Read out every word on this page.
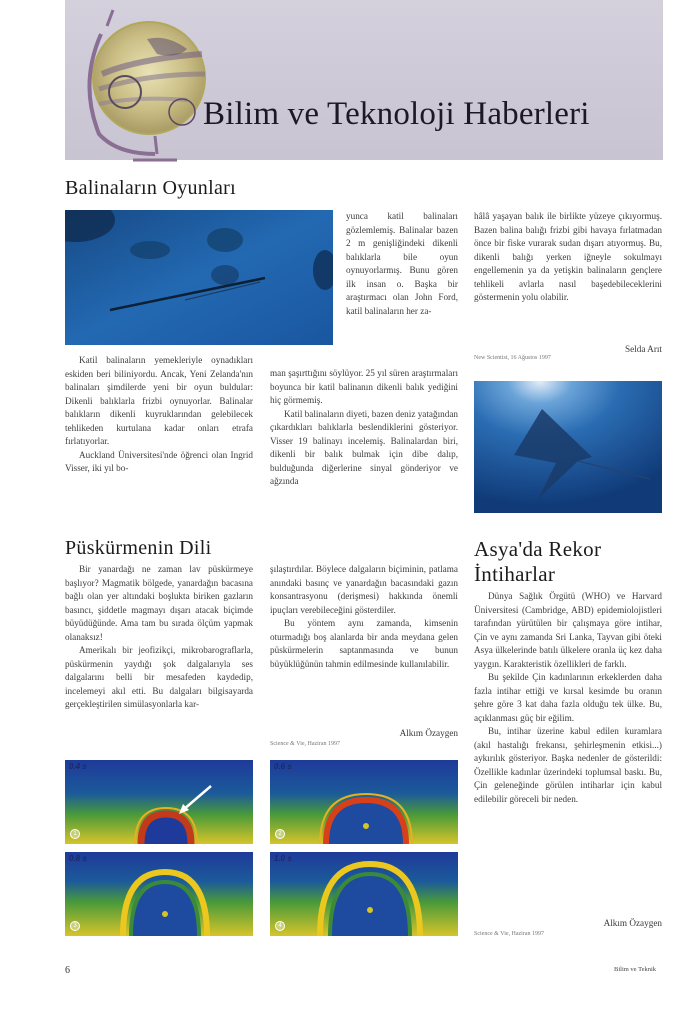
Bilim ve Teknoloji Haberleri
Balinaların Oyunları

Katil balinaların yemekleriyle oynadıkları eskiden beri biliniyordu. Ancak, Yeni Zelanda'nın balinaları şimdilerde yeni bir oyun buldular: Dikenli balıklarla frizbi oynuyorlar. Balinalar balıkların dikenli kuyruklarından gelebilecek tehlikeden kurtulana kadar onları etrafa fırlatıyorlar.

Auckland Üniversitesi'nde öğrenci olan Ingrid Visser, iki yıl bo-

yunca katil balinaları gözlemlemiş. Balinalar bazen 2 m genişliğindeki dikenli balıklarla bile oyun oynuyorlarmış. Bunu gören ilk insan o. Başka bir araştırmacı olan John Ford, katil balinaların her za-

man şaşırttığını söylüyor. 25 yıl süren araştırmaları boyunca bir katil balinanın dikenli balık yediğini hiç görmemiş.

Katil balinaların diyeti, bazen deniz yatağından çıkardıkları balıklarla beslendiklerini gösteriyor. Visser 19 balinayı incelemiş. Balinalardan biri, dikenli bir balık bulmak için dibe dalıp, bulduğunda diğerlerine sinyal gönderiyor ve ağzında

hâlâ yaşayan balık ile birlikte yüzeye çıkıyormuş. Bazen balina balığı frizbi gibi havaya fırlatmadan önce bir fiske vurarak sudan dışarı atıyormuş. Bu, dikenli balığı yerken iğneyle sokulmayı engellemenin ya da yetişkin balinaların gençlere tehlikeli avlarla nasıl başedebileceklerini göstermenin yolu olabilir.

Selda Arıt
New Scientist, 16 Ağustos 1997
Püskürmenin Dili

Bir yanardağı ne zaman lav püskürmeye başlıyor? Magmatik bölgede, yanardağın bacasına bağlı olan yer altındaki boşlukta biriken gazların basıncı, şiddetle magmayı dışarı atacak biçimde büyüdüğünde. Ama tam bu sırada ölçüm yapmak olanaksız!

Amerikalı bir jeofizikçi, mikrobarograflarla, püskürmenin yaydığı şok dalgalarıyla ses dalgalarını belli bir mesafeden kaydedip, incelemeyi akıl etti. Bu dalgaları bilgisayarda gerçekleştirilen simülasyonlarla kar-

şılaştırdılar. Böylece dalgaların biçiminin, patlama anındaki basınç ve yanardağın bacasındaki gazın konsantrasyonu (derişmesi) hakkında önemli ipuçları verebileceğini gösterdiler.

Bu yöntem aynı zamanda, kimsenin oturmadığı boş alanlarda bir anda meydana gelen püskürmelerin saptanmasında ve bunun büyüklüğünün tahmin edilmesinde kullanılabilir.

Alkım Özaygen
Science & Vie, Haziran 1997
0.4 s
1
0.6 s
2
0.8 s
3
1.0 s
4
Asya'da Rekor
İntiharlar

Dünya Sağlık Örgütü (WHO) ve Harvard Üniversitesi (Cambridge, ABD) epidemiolojistleri tarafından yürütülen bir çalışmaya göre intihar, Çin ve aynı zamanda Sri Lanka, Tayvan gibi öteki Asya ülkelerinde batılı ülkelere oranla üç kez daha yaygın. Karakteristik özellikleri de farklı.

Bu şekilde Çin kadınlarının erkeklerden daha fazla intihar ettiği ve kırsal kesimde bu oranın şehre göre 3 kat daha fazla olduğu tek ülke. Bu, açıklanması güç bir eğilim.

Bu, intihar üzerine kabul edilen kuramlara (akıl hastalığı frekansı, şehirleşmenin etkisi...) aykırılık gösteriyor. Başka nedenler de gösterildi: Özellikle kadınlar üzerindeki toplumsal baskı. Bu, Çin geleneğinde görülen intiharlar için kabul edilebilir göreceli bir neden.

Alkım Özaygen
Science & Vie, Haziran 1997
6	Bilim ve Teknik
